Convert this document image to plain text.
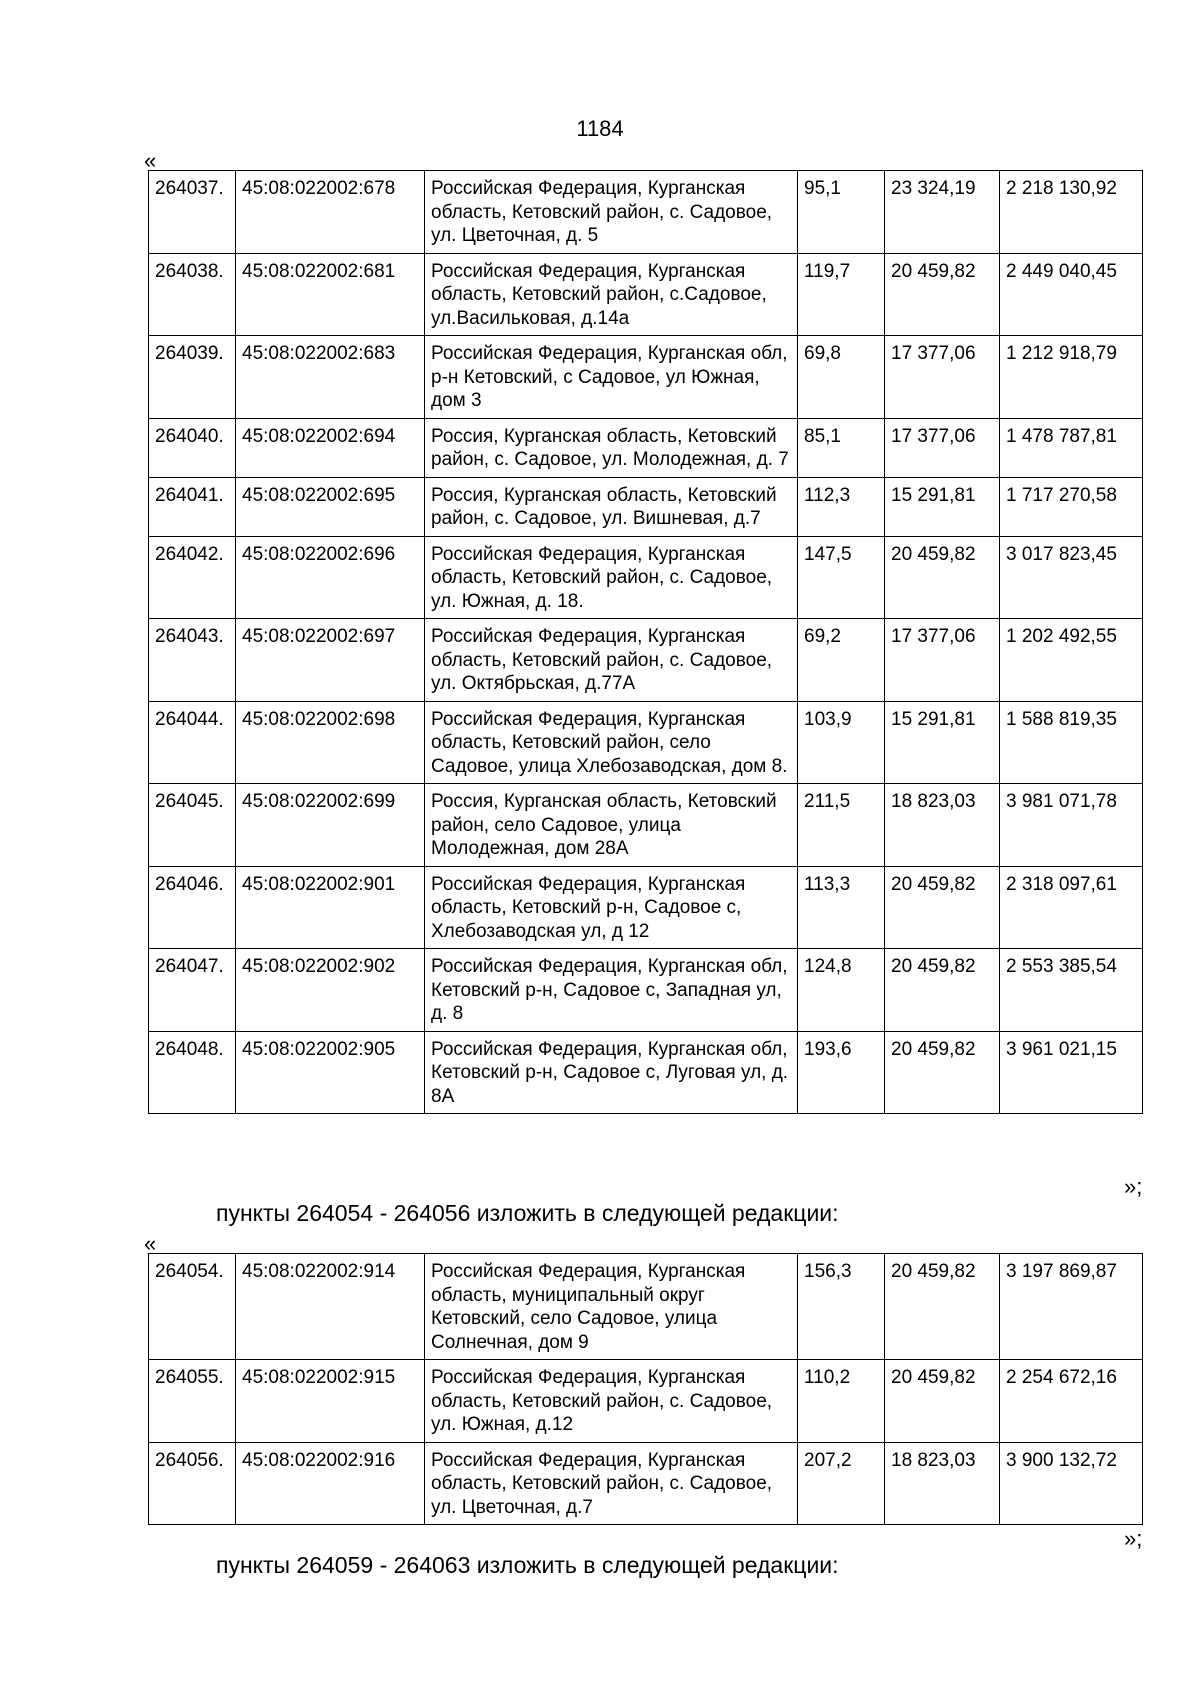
1184
«
264037.	45:08:022002:678	Российская Федерация, Курганская область, Кетовский район, с. Садовое, ул. Цветочная, д. 5	95,1	23 324,19	2 218 130,92
264038.	45:08:022002:681	Российская Федерация, Курганская область, Кетовский район, с.Садовое, ул.Васильковая, д.14а	119,7	20 459,82	2 449 040,45
264039.	45:08:022002:683	Российская Федерация, Курганская обл, р-н Кетовский, с Садовое, ул Южная, дом 3	69,8	17 377,06	1 212 918,79
264040.	45:08:022002:694	Россия, Курганская область, Кетовский район, с. Садовое, ул. Молодежная, д. 7	85,1	17 377,06	1 478 787,81
264041.	45:08:022002:695	Россия, Курганская область, Кетовский район, с. Садовое, ул. Вишневая, д.7	112,3	15 291,81	1 717 270,58
264042.	45:08:022002:696	Российская Федерация, Курганская область, Кетовский район, с. Садовое, ул. Южная, д. 18.	147,5	20 459,82	3 017 823,45
264043.	45:08:022002:697	Российская Федерация, Курганская область, Кетовский район, с. Садовое, ул. Октябрьская, д.77А	69,2	17 377,06	1 202 492,55
264044.	45:08:022002:698	Российская Федерация, Курганская область, Кетовский район, село Садовое, улица Хлебозаводская, дом 8.	103,9	15 291,81	1 588 819,35
264045.	45:08:022002:699	Россия, Курганская область, Кетовский район, село Садовое, улица Молодежная, дом 28А	211,5	18 823,03	3 981 071,78
264046.	45:08:022002:901	Российская Федерация, Курганская область, Кетовский р-н, Садовое с, Хлебозаводская ул, д 12	113,3	20 459,82	2 318 097,61
264047.	45:08:022002:902	Российская Федерация, Курганская обл, Кетовский р-н, Садовое с, Западная ул, д. 8	124,8	20 459,82	2 553 385,54
264048.	45:08:022002:905	Российская Федерация, Курганская обл, Кетовский р-н, Садовое с, Луговая ул, д. 8А	193,6	20 459,82	3 961 021,15
»;
пункты 264054 - 264056 изложить в следующей редакции:
«
264054.	45:08:022002:914	Российская Федерация, Курганская область, муниципальный округ Кетовский, село Садовое, улица Солнечная, дом 9	156,3	20 459,82	3 197 869,87
264055.	45:08:022002:915	Российская Федерация, Курганская область, Кетовский район, с. Садовое, ул. Южная, д.12	110,2	20 459,82	2 254 672,16
264056.	45:08:022002:916	Российская Федерация, Курганская область, Кетовский район, с. Садовое, ул. Цветочная, д.7	207,2	18 823,03	3 900 132,72
»;
пункты 264059 - 264063 изложить в следующей редакции:
